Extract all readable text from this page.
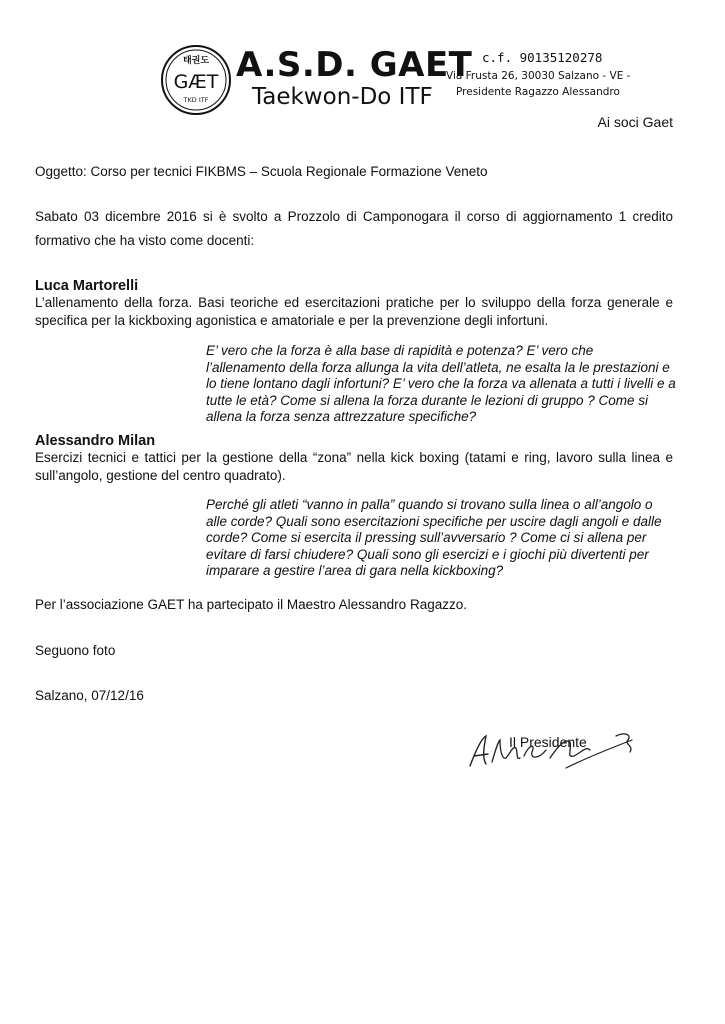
태권도
GÆT
TKD ITF
A.S.D. GAET
Taekwon-Do ITF
c.f. 90135120278
Via Frusta 26, 30030 Salzano - VE -
Presidente Ragazzo Alessandro
Ai soci Gaet

Oggetto: Corso per tecnici FIKBMS – Scuola Regionale Formazione Veneto

Sabato 03 dicembre 2016 si è svolto a Prozzolo di Camponogara il corso di aggiornamento 1 credito

formativo che ha visto come docenti:

Luca Martorelli

L’allenamento della forza. Basi teoriche ed esercitazioni pratiche per lo sviluppo della forza generale e specifica per la kickboxing agonistica e amatoriale e per la prevenzione degli infortuni.

E’ vero che la forza è alla base di rapidità e potenza? E’ vero che l’allenamento della forza allunga la vita dell’atleta, ne esalta la le prestazioni e lo tiene lontano dagli infortuni? E’ vero che la forza va allenata a tutti i livelli e a tutte le età? Come si allena la forza durante le lezioni di gruppo ? Come si allena la forza senza attrezzature specifiche?
Alessandro Milan

Esercizi tecnici e tattici per la gestione della “zona” nella kick boxing (tatami e ring, lavoro sulla linea e sull’angolo, gestione del centro quadrato).

Perché gli atleti “vanno in palla” quando si trovano sulla linea o all’angolo o alle corde? Quali sono esercitazioni specifiche per uscire dagli angoli e dalle corde? Come si esercita il pressing sull’avversario ? Come ci si allena per evitare di farsi chiudere? Quali sono gli esercizi e i giochi più divertenti per imparare a gestire l’area di gara nella kickboxing?

Per l’associazione GAET ha partecipato il Maestro Alessandro Ragazzo.

Seguono foto

Salzano, 07/12/16

Il Presidente
